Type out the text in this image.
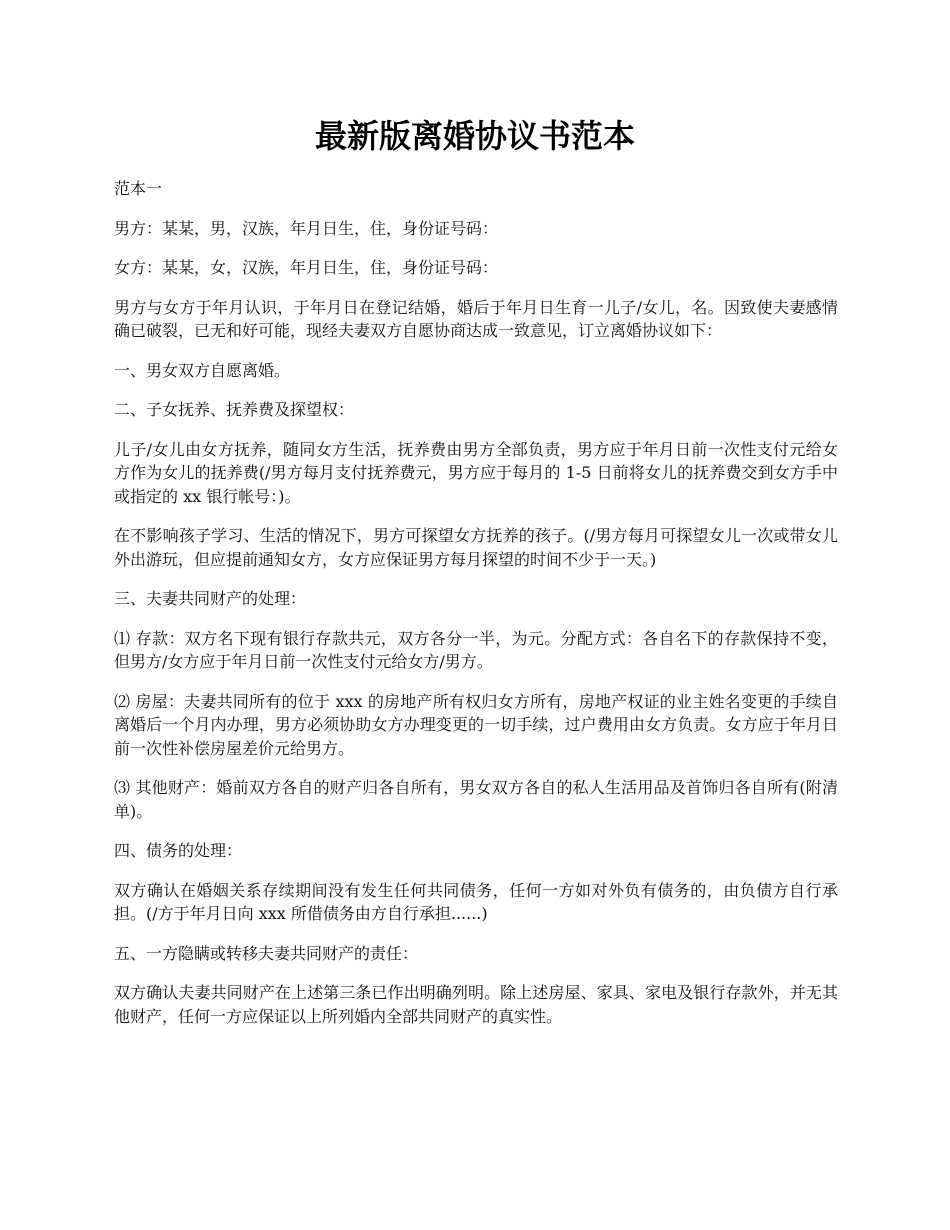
最新版离婚协议书范本

范本一

男方：某某，男，汉族，年月日生，住，身份证号码：

女方：某某，女，汉族，年月日生，住，身份证号码：

男方与女方于年月认识，于年月日在登记结婚，婚后于年月日生育一儿子/女儿，名。因致使夫妻感情确已破裂，已无和好可能，现经夫妻双方自愿协商达成一致意见，订立离婚协议如下：

一、男女双方自愿离婚。

二、子女抚养、抚养费及探望权：

儿子/女儿由女方抚养，随同女方生活，抚养费由男方全部负责，男方应于年月日前一次性支付元给女方作为女儿的抚养费(/男方每月支付抚养费元，男方应于每月的 1-5 日前将女儿的抚养费交到女方手中或指定的 xx 银行帐号：)。

在不影响孩子学习、生活的情况下，男方可探望女方抚养的孩子。(/男方每月可探望女儿一次或带女儿外出游玩，但应提前通知女方，女方应保证男方每月探望的时间不少于一天。)

三、夫妻共同财产的处理：

⑴ 存款：双方名下现有银行存款共元，双方各分一半，为元。分配方式：各自名下的存款保持不变，但男方/女方应于年月日前一次性支付元给女方/男方。

⑵ 房屋：夫妻共同所有的位于 xxx 的房地产所有权归女方所有，房地产权证的业主姓名变更的手续自离婚后一个月内办理，男方必须协助女方办理变更的一切手续，过户费用由女方负责。女方应于年月日前一次性补偿房屋差价元给男方。

⑶ 其他财产：婚前双方各自的财产归各自所有，男女双方各自的私人生活用品及首饰归各自所有(附清单)。

四、债务的处理：

双方确认在婚姻关系存续期间没有发生任何共同债务，任何一方如对外负有债务的，由负债方自行承担。(/方于年月日向 xxx 所借债务由方自行承担......)

五、一方隐瞒或转移夫妻共同财产的责任：

双方确认夫妻共同财产在上述第三条已作出明确列明。除上述房屋、家具、家电及银行存款外，并无其他财产，任何一方应保证以上所列婚内全部共同财产的真实性。
